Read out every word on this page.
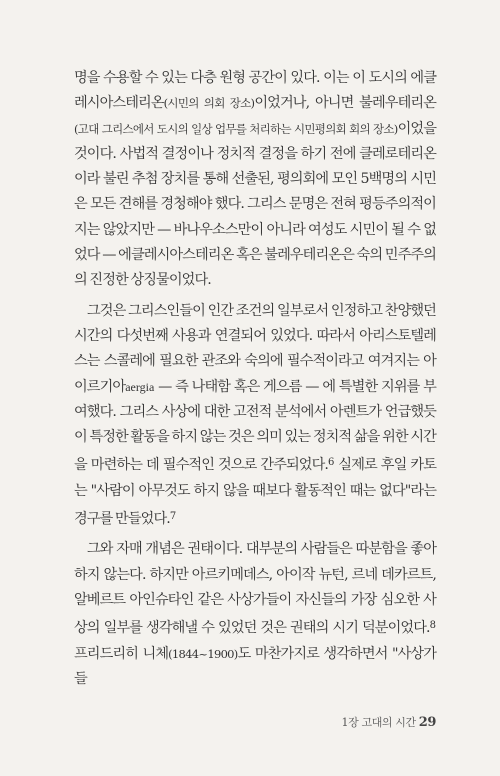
명을 수용할 수 있는 다층 원형 공간이 있다. 이는 이 도시의 에클레시아스테리온(시민의 의회 장소)이었거나, 아니면 불레우테리온(고대 그리스에서 도시의 일상 업무를 처리하는 시민평의회 회의 장소)이었을 것이다. 사법적 결정이나 정치적 결정을 하기 전에 클레로테리온이라 불린 추첨 장치를 통해 선출된, 평의회에 모인 5백명의 시민은 모든 견해를 경청해야 했다. 그리스 문명은 전혀 평등주의적이지는 않았지만 — 바나우소스만이 아니라 여성도 시민이 될 수 없었다 — 에클레시아스테리온 혹은 불레우테리온은 숙의 민주주의의 진정한 상징물이었다.

그것은 그리스인들이 인간 조건의 일부로서 인정하고 찬양했던 시간의 다섯번째 사용과 연결되어 있었다. 따라서 아리스토텔레스는 스콜레에 필요한 관조와 숙의에 필수적이라고 여겨지는 아이르기아aergia — 즉 나태함 혹은 게으름 — 에 특별한 지위를 부여했다. 그리스 사상에 대한 고전적 분석에서 아렌트가 언급했듯이 특정한 활동을 하지 않는 것은 의미 있는 정치적 삶을 위한 시간을 마련하는 데 필수적인 것으로 간주되었다.$^6$ 실제로 후일 카토는 "사람이 아무것도 하지 않을 때보다 활동적인 때는 없다"라는 경구를 만들었다.$^7$

그와 자매 개념은 권태이다. 대부분의 사람들은 따분함을 좋아하지 않는다. 하지만 아르키메데스, 아이작 뉴턴, 르네 데카르트, 알베르트 아인슈타인 같은 사상가들이 자신들의 가장 심오한 사상의 일부를 생각해낼 수 있었던 것은 권태의 시기 덕분이었다.$^8$ 프리드리히 니체(1844~1900)도 마찬가지로 생각하면서 "사상가들

1장 고대의 시간 29
